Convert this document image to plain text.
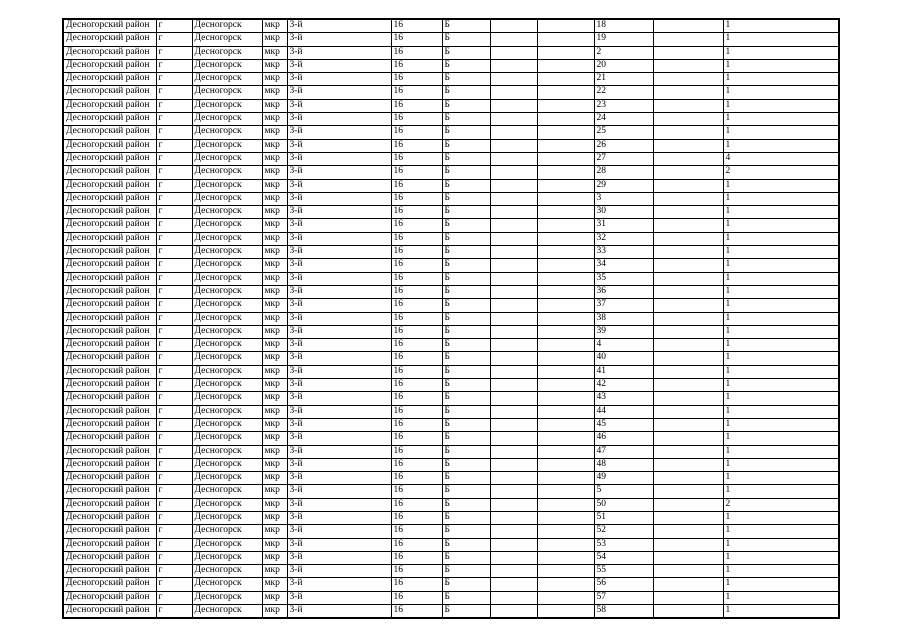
Десногорский район	г	Десногорск	мкр	3-й	16	Б			18		1
Десногорский район	г	Десногорск	мкр	3-й	16	Б			19		1
Десногорский район	г	Десногорск	мкр	3-й	16	Б			2		1
Десногорский район	г	Десногорск	мкр	3-й	16	Б			20		1
Десногорский район	г	Десногорск	мкр	3-й	16	Б			21		1
Десногорский район	г	Десногорск	мкр	3-й	16	Б			22		1
Десногорский район	г	Десногорск	мкр	3-й	16	Б			23		1
Десногорский район	г	Десногорск	мкр	3-й	16	Б			24		1
Десногорский район	г	Десногорск	мкр	3-й	16	Б			25		1
Десногорский район	г	Десногорск	мкр	3-й	16	Б			26		1
Десногорский район	г	Десногорск	мкр	3-й	16	Б			27		4
Десногорский район	г	Десногорск	мкр	3-й	16	Б			28		2
Десногорский район	г	Десногорск	мкр	3-й	16	Б			29		1
Десногорский район	г	Десногорск	мкр	3-й	16	Б			3		1
Десногорский район	г	Десногорск	мкр	3-й	16	Б			30		1
Десногорский район	г	Десногорск	мкр	3-й	16	Б			31		1
Десногорский район	г	Десногорск	мкр	3-й	16	Б			32		1
Десногорский район	г	Десногорск	мкр	3-й	16	Б			33		1
Десногорский район	г	Десногорск	мкр	3-й	16	Б			34		1
Десногорский район	г	Десногорск	мкр	3-й	16	Б			35		1
Десногорский район	г	Десногорск	мкр	3-й	16	Б			36		1
Десногорский район	г	Десногорск	мкр	3-й	16	Б			37		1
Десногорский район	г	Десногорск	мкр	3-й	16	Б			38		1
Десногорский район	г	Десногорск	мкр	3-й	16	Б			39		1
Десногорский район	г	Десногорск	мкр	3-й	16	Б			4		1
Десногорский район	г	Десногорск	мкр	3-й	16	Б			40		1
Десногорский район	г	Десногорск	мкр	3-й	16	Б			41		1
Десногорский район	г	Десногорск	мкр	3-й	16	Б			42		1
Десногорский район	г	Десногорск	мкр	3-й	16	Б			43		1
Десногорский район	г	Десногорск	мкр	3-й	16	Б			44		1
Десногорский район	г	Десногорск	мкр	3-й	16	Б			45		1
Десногорский район	г	Десногорск	мкр	3-й	16	Б			46		1
Десногорский район	г	Десногорск	мкр	3-й	16	Б			47		1
Десногорский район	г	Десногорск	мкр	3-й	16	Б			48		1
Десногорский район	г	Десногорск	мкр	3-й	16	Б			49		1
Десногорский район	г	Десногорск	мкр	3-й	16	Б			5		1
Десногорский район	г	Десногорск	мкр	3-й	16	Б			50		2
Десногорский район	г	Десногорск	мкр	3-й	16	Б			51		1
Десногорский район	г	Десногорск	мкр	3-й	16	Б			52		1
Десногорский район	г	Десногорск	мкр	3-й	16	Б			53		1
Десногорский район	г	Десногорск	мкр	3-й	16	Б			54		1
Десногорский район	г	Десногорск	мкр	3-й	16	Б			55		1
Десногорский район	г	Десногорск	мкр	3-й	16	Б			56		1
Десногорский район	г	Десногорск	мкр	3-й	16	Б			57		1
Десногорский район	г	Десногорск	мкр	3-й	16	Б			58		1
